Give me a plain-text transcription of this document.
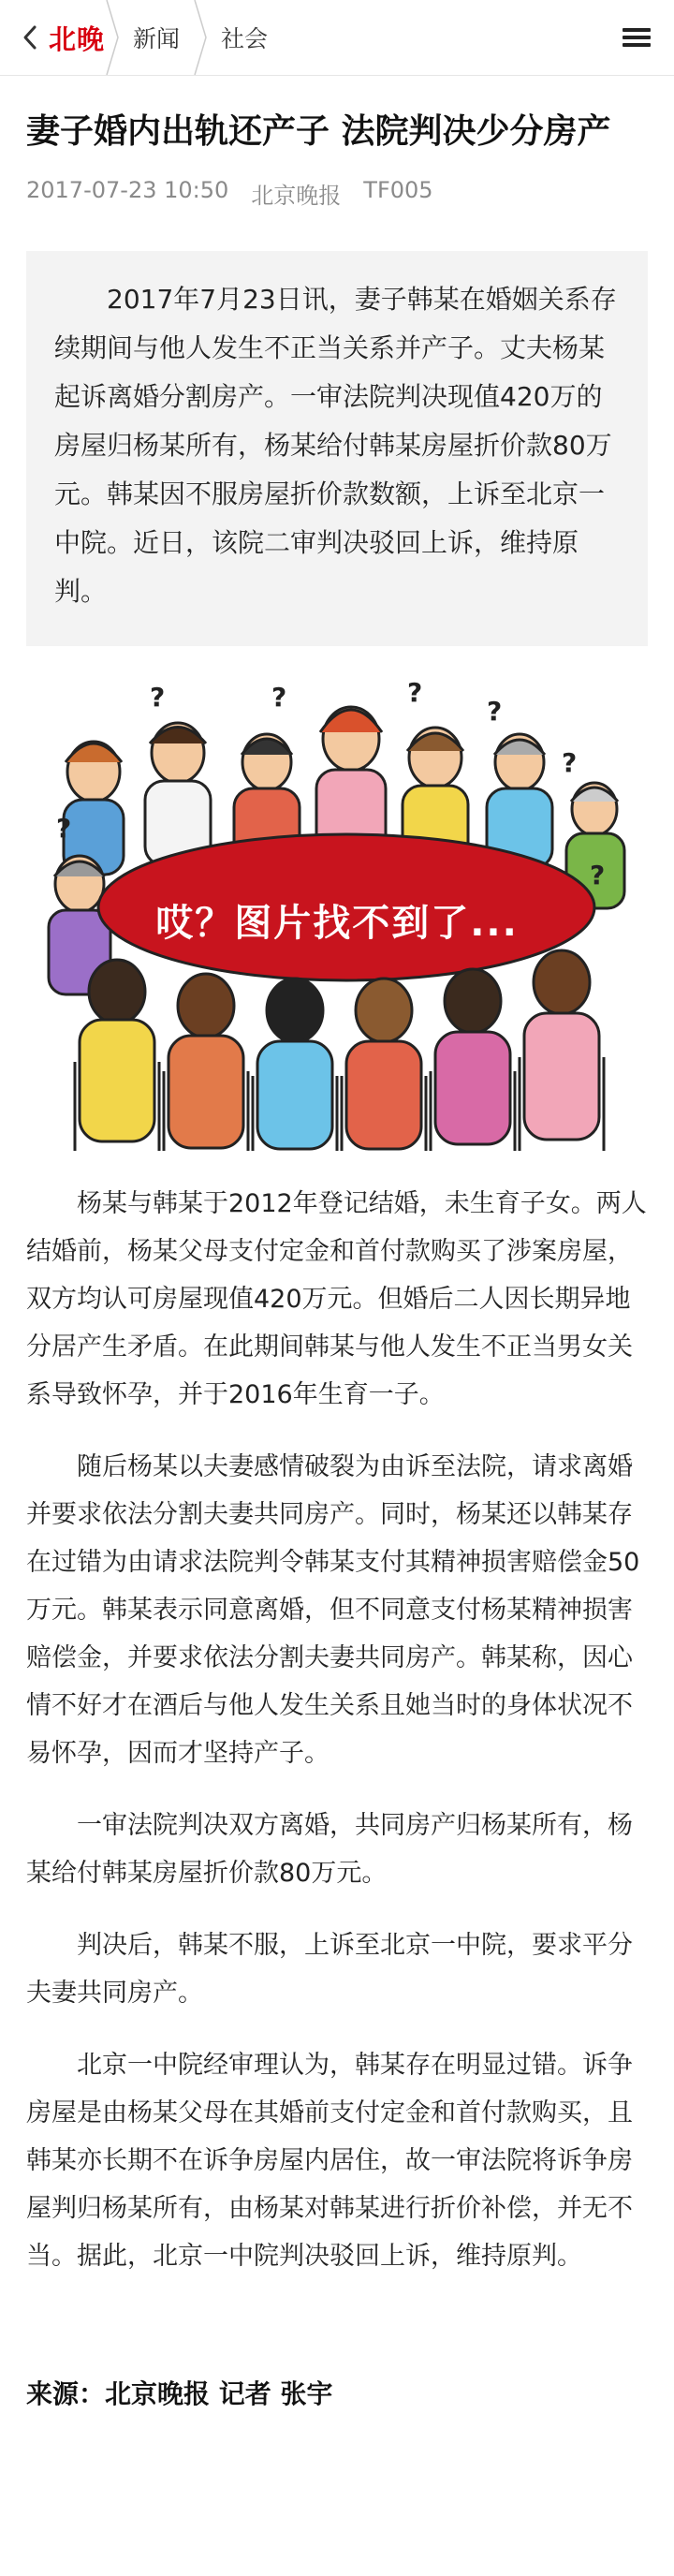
北晚	新闻	社会
妻子婚内出轨还产子 法院判决少分房产
2017-07-23 10:50 北京晚报 TF005
2017年7月23日讯，妻子韩某在婚姻关系存续期间与他人发生不正当关系并产子。丈夫杨某起诉离婚分割房产。一审法院判决现值420万的房屋归杨某所有，杨某给付韩某房屋折价款80万元。韩某因不服房屋折价款数额，上诉至北京一中院。近日，该院二审判决驳回上诉，维持原判。
?	?	?
?
?
?
?
哎？图片找不到了...

杨某与韩某于2012年登记结婚，未生育子女。两人结婚前，杨某父母支付定金和首付款购买了涉案房屋，双方均认可房屋现值420万元。但婚后二人因长期异地分居产生矛盾。在此期间韩某与他人发生不正当男女关系导致怀孕，并于2016年生育一子。

随后杨某以夫妻感情破裂为由诉至法院，请求离婚并要求依法分割夫妻共同房产。同时，杨某还以韩某存在过错为由请求法院判令韩某支付其精神损害赔偿金50万元。韩某表示同意离婚，但不同意支付杨某精神损害赔偿金，并要求依法分割夫妻共同房产。韩某称，因心情不好才在酒后与他人发生关系且她当时的身体状况不易怀孕，因而才坚持产子。

一审法院判决双方离婚，共同房产归杨某所有，杨某给付韩某房屋折价款80万元。

判决后，韩某不服，上诉至北京一中院，要求平分夫妻共同房产。

北京一中院经审理认为，韩某存在明显过错。诉争房屋是由杨某父母在其婚前支付定金和首付款购买，且韩某亦长期不在诉争房屋内居住，故一审法院将诉争房屋判归杨某所有，由杨某对韩某进行折价补偿，并无不当。据此，北京一中院判决驳回上诉，维持原判。

来源：北京晚报 记者 张宇
